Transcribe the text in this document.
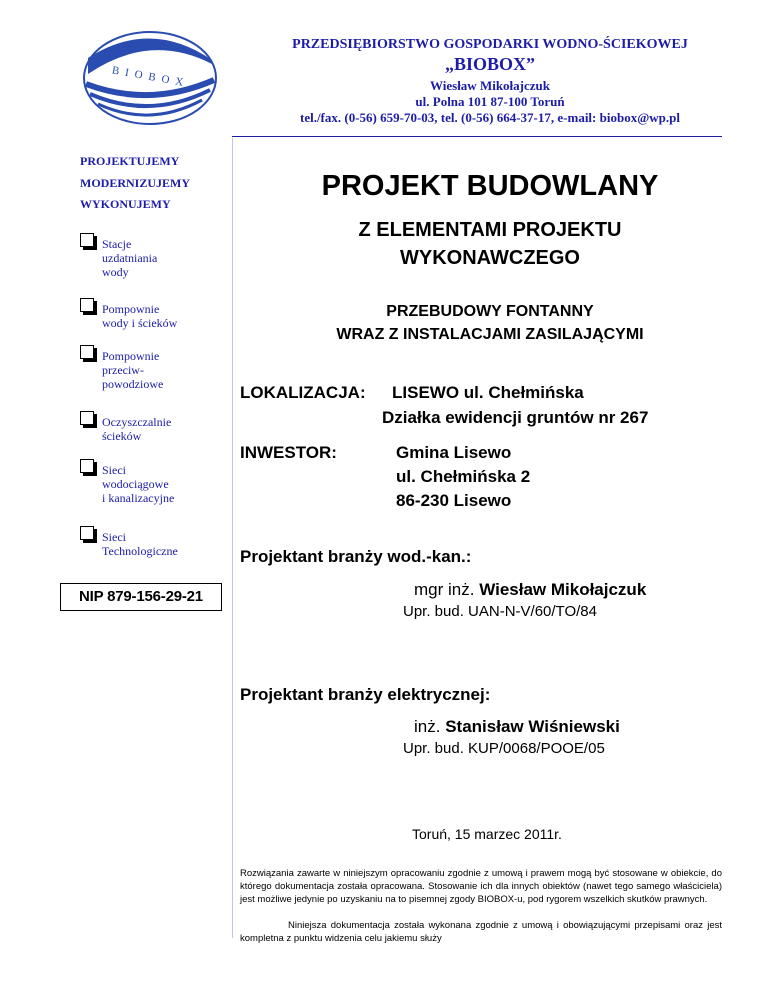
BIOBOX
PRZEDSIĘBIORSTWO GOSPODARKI WODNO-ŚCIEKOWEJ
„BIOBOX”
Wiesław Mikołajczuk
ul. Polna 101 87-100 Toruń
tel./fax. (0-56) 659-70-03, tel. (0-56) 664-37-17, e-mail: biobox@wp.pl
PROJEKTUJEMY
MODERNIZUJEMY
WYKONUJEMY
Stacje
uzdatniania
wody
Pompownie
wody i ścieków
Pompownie
przeciw-
powodziowe
Oczyszczalnie
ścieków
Sieci
wodociągowe
i kanalizacyjne
Sieci
Technologiczne
NIP 879-156-29-21
PROJEKT BUDOWLANY
Z ELEMENTAMI PROJEKTU
WYKONAWCZEGO
PRZEBUDOWY FONTANNY
WRAZ Z INSTALACJAMI ZASILAJĄCYMI
LOKALIZACJA: LISEWO ul. Chełmińska
Działka ewidencji gruntów nr 267
INWESTOR:	Gmina Lisewo
ul. Chełmińska 2
86-230 Lisewo
Projektant branży wod.-kan.:
mgr inż. Wiesław Mikołajczuk
Upr. bud. UAN-N-V/60/TO/84
Projektant branży elektrycznej:
inż. Stanisław Wiśniewski
Upr. bud. KUP/0068/POOE/05
Toruń, 15 marzec 2011r.
Rozwiązania zawarte w niniejszym opracowaniu zgodnie z umową i prawem mogą być stosowane w obiekcie, do którego dokumentacja została opracowana. Stosowanie ich dla innych obiektów (nawet tego samego właściciela) jest możliwe jedynie po uzyskaniu na to pisemnej zgody BIOBOX-u, pod rygorem wszelkich skutków prawnych.
Niniejsza dokumentacja została wykonana zgodnie z umową i obowiązującymi przepisami oraz jest kompletna z punktu widzenia celu jakiemu służy
